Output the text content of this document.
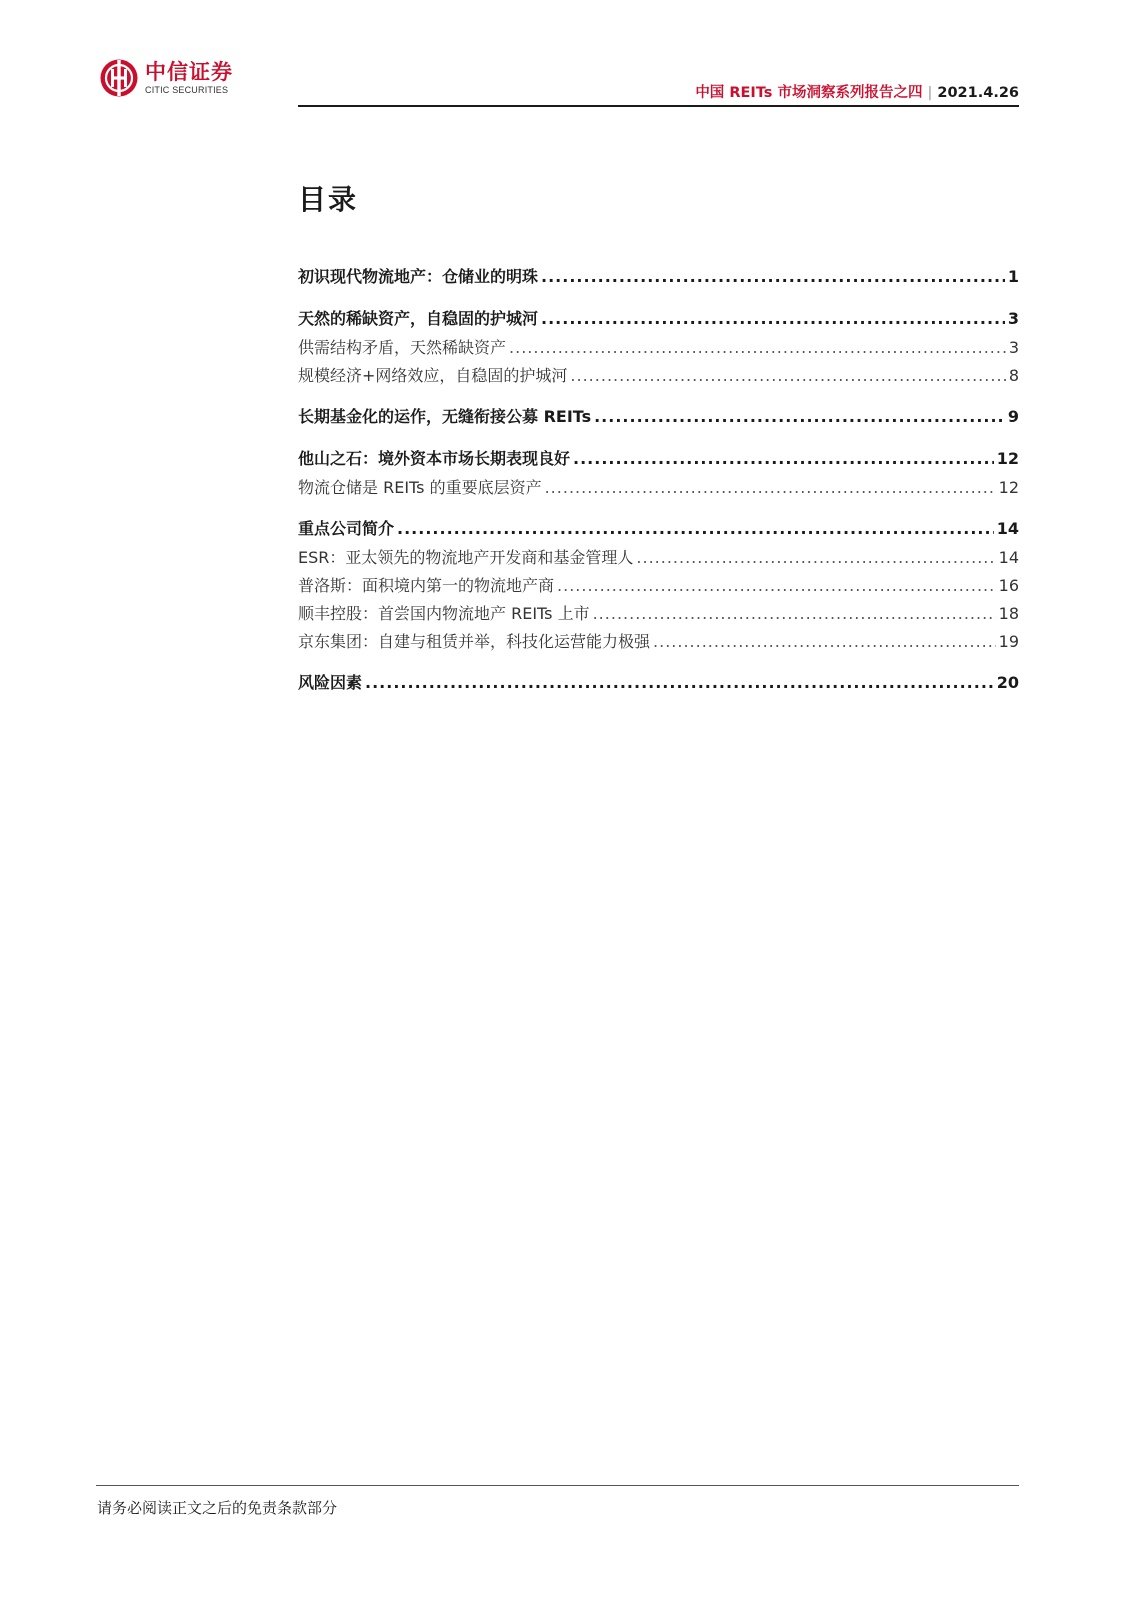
中信证券
CITIC SECURITIES	中国 REITs 市场洞察系列报告之四 | 2021.4.26
目录
初识现代物流地产：仓储业的明珠 .....	1
天然的稀缺资产，自稳固的护城河 .....	3
供需结构矛盾，天然稀缺资产 .....	3
规模经济+网络效应，自稳固的护城河 .....	8
长期基金化的运作，无缝衔接公募 REITs .....	9
他山之石：境外资本市场长期表现良好 .....	12
物流仓储是 REITs 的重要底层资产 .....	12
重点公司简介 .....	14
ESR：亚太领先的物流地产开发商和基金管理人 .....	14
普洛斯：面积境内第一的物流地产商 .....	16
顺丰控股：首尝国内物流地产 REITs 上市 .....	18
京东集团：自建与租赁并举，科技化运营能力极强 .....	19
风险因素 .....	20
请务必阅读正文之后的免责条款部分
